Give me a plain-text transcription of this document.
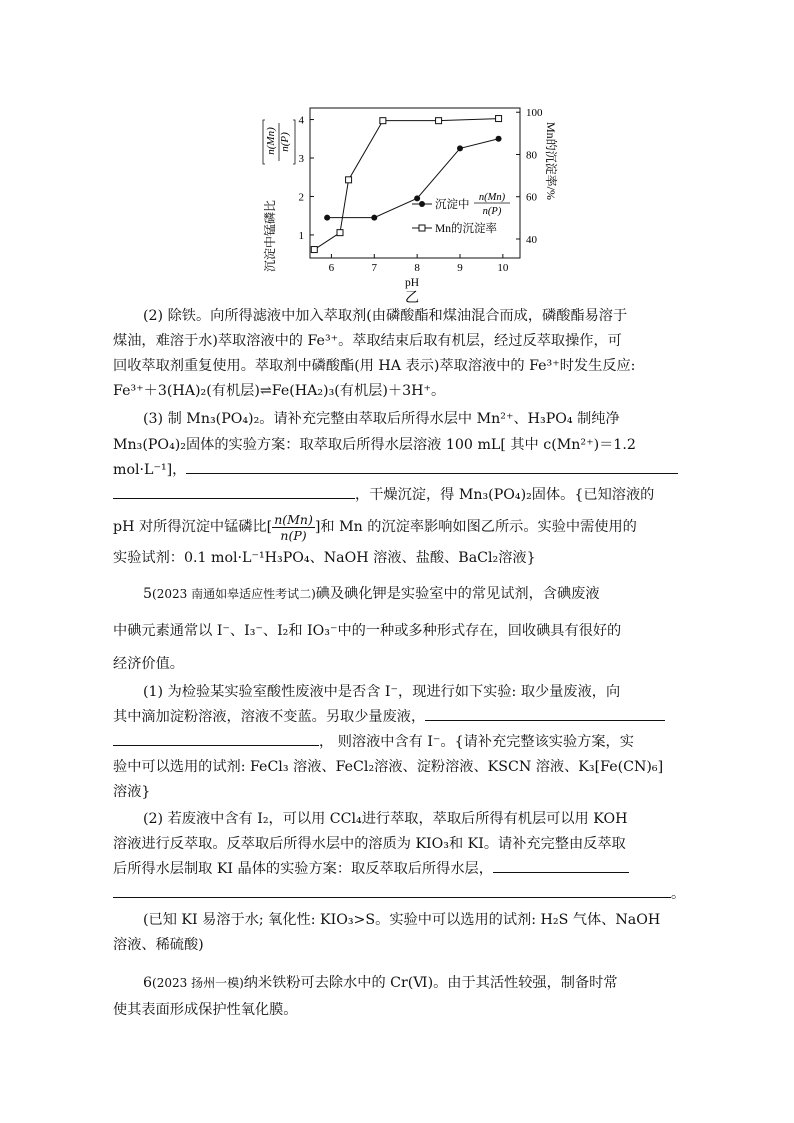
沉淀中锰磷比
n(Mn) n(P)
6	7	8	9	10
1
2
3
4
40
60
80
100
沉淀中
n(Mn)
n(P)
Mn的沉淀率
pH
Mn的沉淀率/%
乙
(2) 除铁。向所得滤液中加入萃取剂(由磷酸酯和煤油混合而成，磷酸酯易溶于
煤油，难溶于水)萃取溶液中的 Fe³⁺。萃取结束后取有机层，经过反萃取操作，可
回收萃取剂重复使用。萃取剂中磷酸酯(用 HA 表示)萃取溶液中的 Fe³⁺时发生反应:
Fe³⁺＋3(HA)₂(有机层)⇌Fe(HA₂)₃(有机层)＋3H⁺。
(3) 制 Mn₃(PO₄)₂。请补充完整由萃取后所得水层中 Mn²⁺、H₃PO₄ 制纯净
Mn₃(PO₄)₂固体的实验方案：取萃取后所得水层溶液 100 mL[ 其中 c(Mn²⁺)＝1.2
mol·L⁻¹]，
，干燥沉淀，得 Mn₃(PO₄)₂固体。{已知溶液的
pH 对所得沉淀中锰磷比[ $\frac{n(Mn)}{n(P)}$ ]和 Mn 的沉淀率影响如图乙所示。实验中需使用的
实验试剂：0.1 mol·L⁻¹H₃PO₄、NaOH 溶液、盐酸、BaCl₂溶液}
5(2023 南通如皋适应性考试二)碘及碘化钾是实验室中的常见试剂，含碘废液
中碘元素通常以 I⁻、I₃⁻、I₂和 IO₃⁻中的一种或多种形式存在，回收碘具有很好的
经济价值。
(1) 为检验某实验室酸性废液中是否含 I⁻，现进行如下实验: 取少量废液，向
其中滴加淀粉溶液，溶液不变蓝。另取少量废液，
， 则溶液中含有 I⁻。{请补充完整该实验方案，实
验中可以选用的试剂: FeCl₃ 溶液、FeCl₂溶液、淀粉溶液、KSCN 溶液、K₃[Fe(CN)₆]
溶液}
(2) 若废液中含有 I₂，可以用 CCl₄进行萃取，萃取后所得有机层可以用 KOH
溶液进行反萃取。反萃取后所得水层中的溶质为 KIO₃和 KI。请补充完整由反萃取
后所得水层制取 KI 晶体的实验方案：取反萃取后所得水层，
。
(已知 KI 易溶于水; 氧化性: KIO₃>S。实验中可以选用的试剂: H₂S 气体、NaOH
溶液、稀硫酸)
6(2023 扬州一模)纳米铁粉可去除水中的 Cr(Ⅵ)。由于其活性较强，制备时常
使其表面形成保护性氧化膜。
